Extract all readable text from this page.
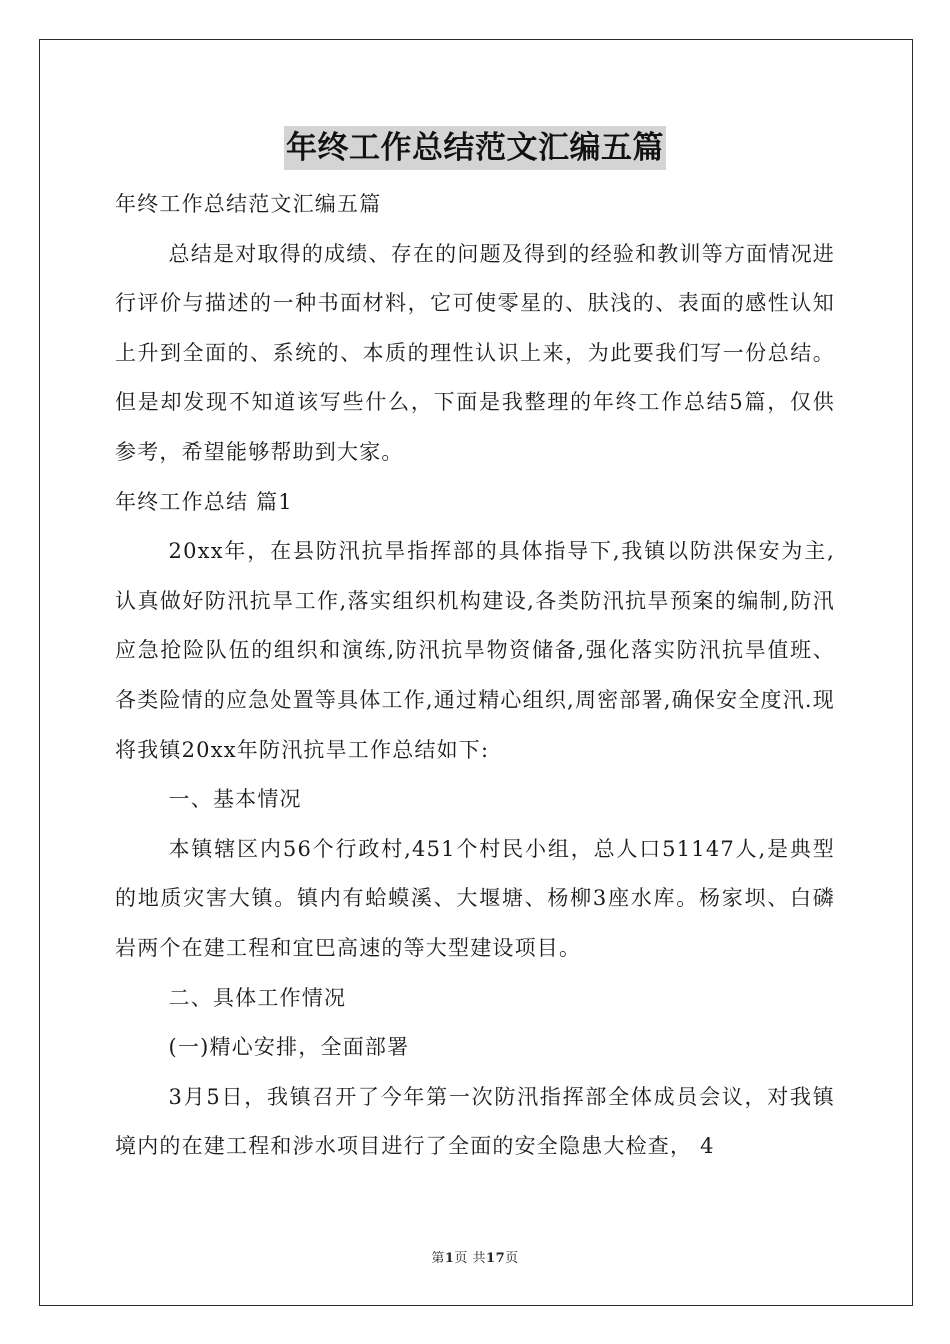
年终工作总结范文汇编五篇

年终工作总结范文汇编五篇

总结是对取得的成绩、存在的问题及得到的经验和教训等方面情况进行评价与描述的一种书面材料，它可使零星的、肤浅的、表面的感性认知上升到全面的、系统的、本质的理性认识上来，为此要我们写一份总结。但是却发现不知道该写些什么，下面是我整理的年终工作总结5篇，仅供参考，希望能够帮助到大家。

年终工作总结 篇1

20xx年，在县防汛抗旱指挥部的具体指导下,我镇以防洪保安为主,认真做好防汛抗旱工作,落实组织机构建设,各类防汛抗旱预案的编制,防汛应急抢险队伍的组织和演练,防汛抗旱物资储备,强化落实防汛抗旱值班、各类险情的应急处置等具体工作,通过精心组织,周密部署,确保安全度汛.现将我镇20xx年防汛抗旱工作总结如下:

一、基本情况

本镇辖区内56个行政村,451个村民小组，总人口51147人,是典型的地质灾害大镇。镇内有蛤蟆溪、大堰塘、杨柳3座水库。杨家坝、白磷岩两个在建工程和宜巴高速的等大型建设项目。

二、具体工作情况

(一)精心安排，全面部署

3月5日，我镇召开了今年第一次防汛指挥部全体成员会议，对我镇境内的在建工程和涉水项目进行了全面的安全隐患大检查， 4

第1页 共17页
